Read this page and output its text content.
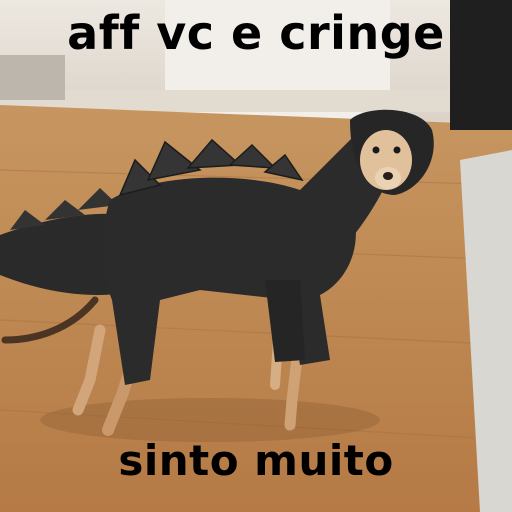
aff vc e cringe
sinto muito
